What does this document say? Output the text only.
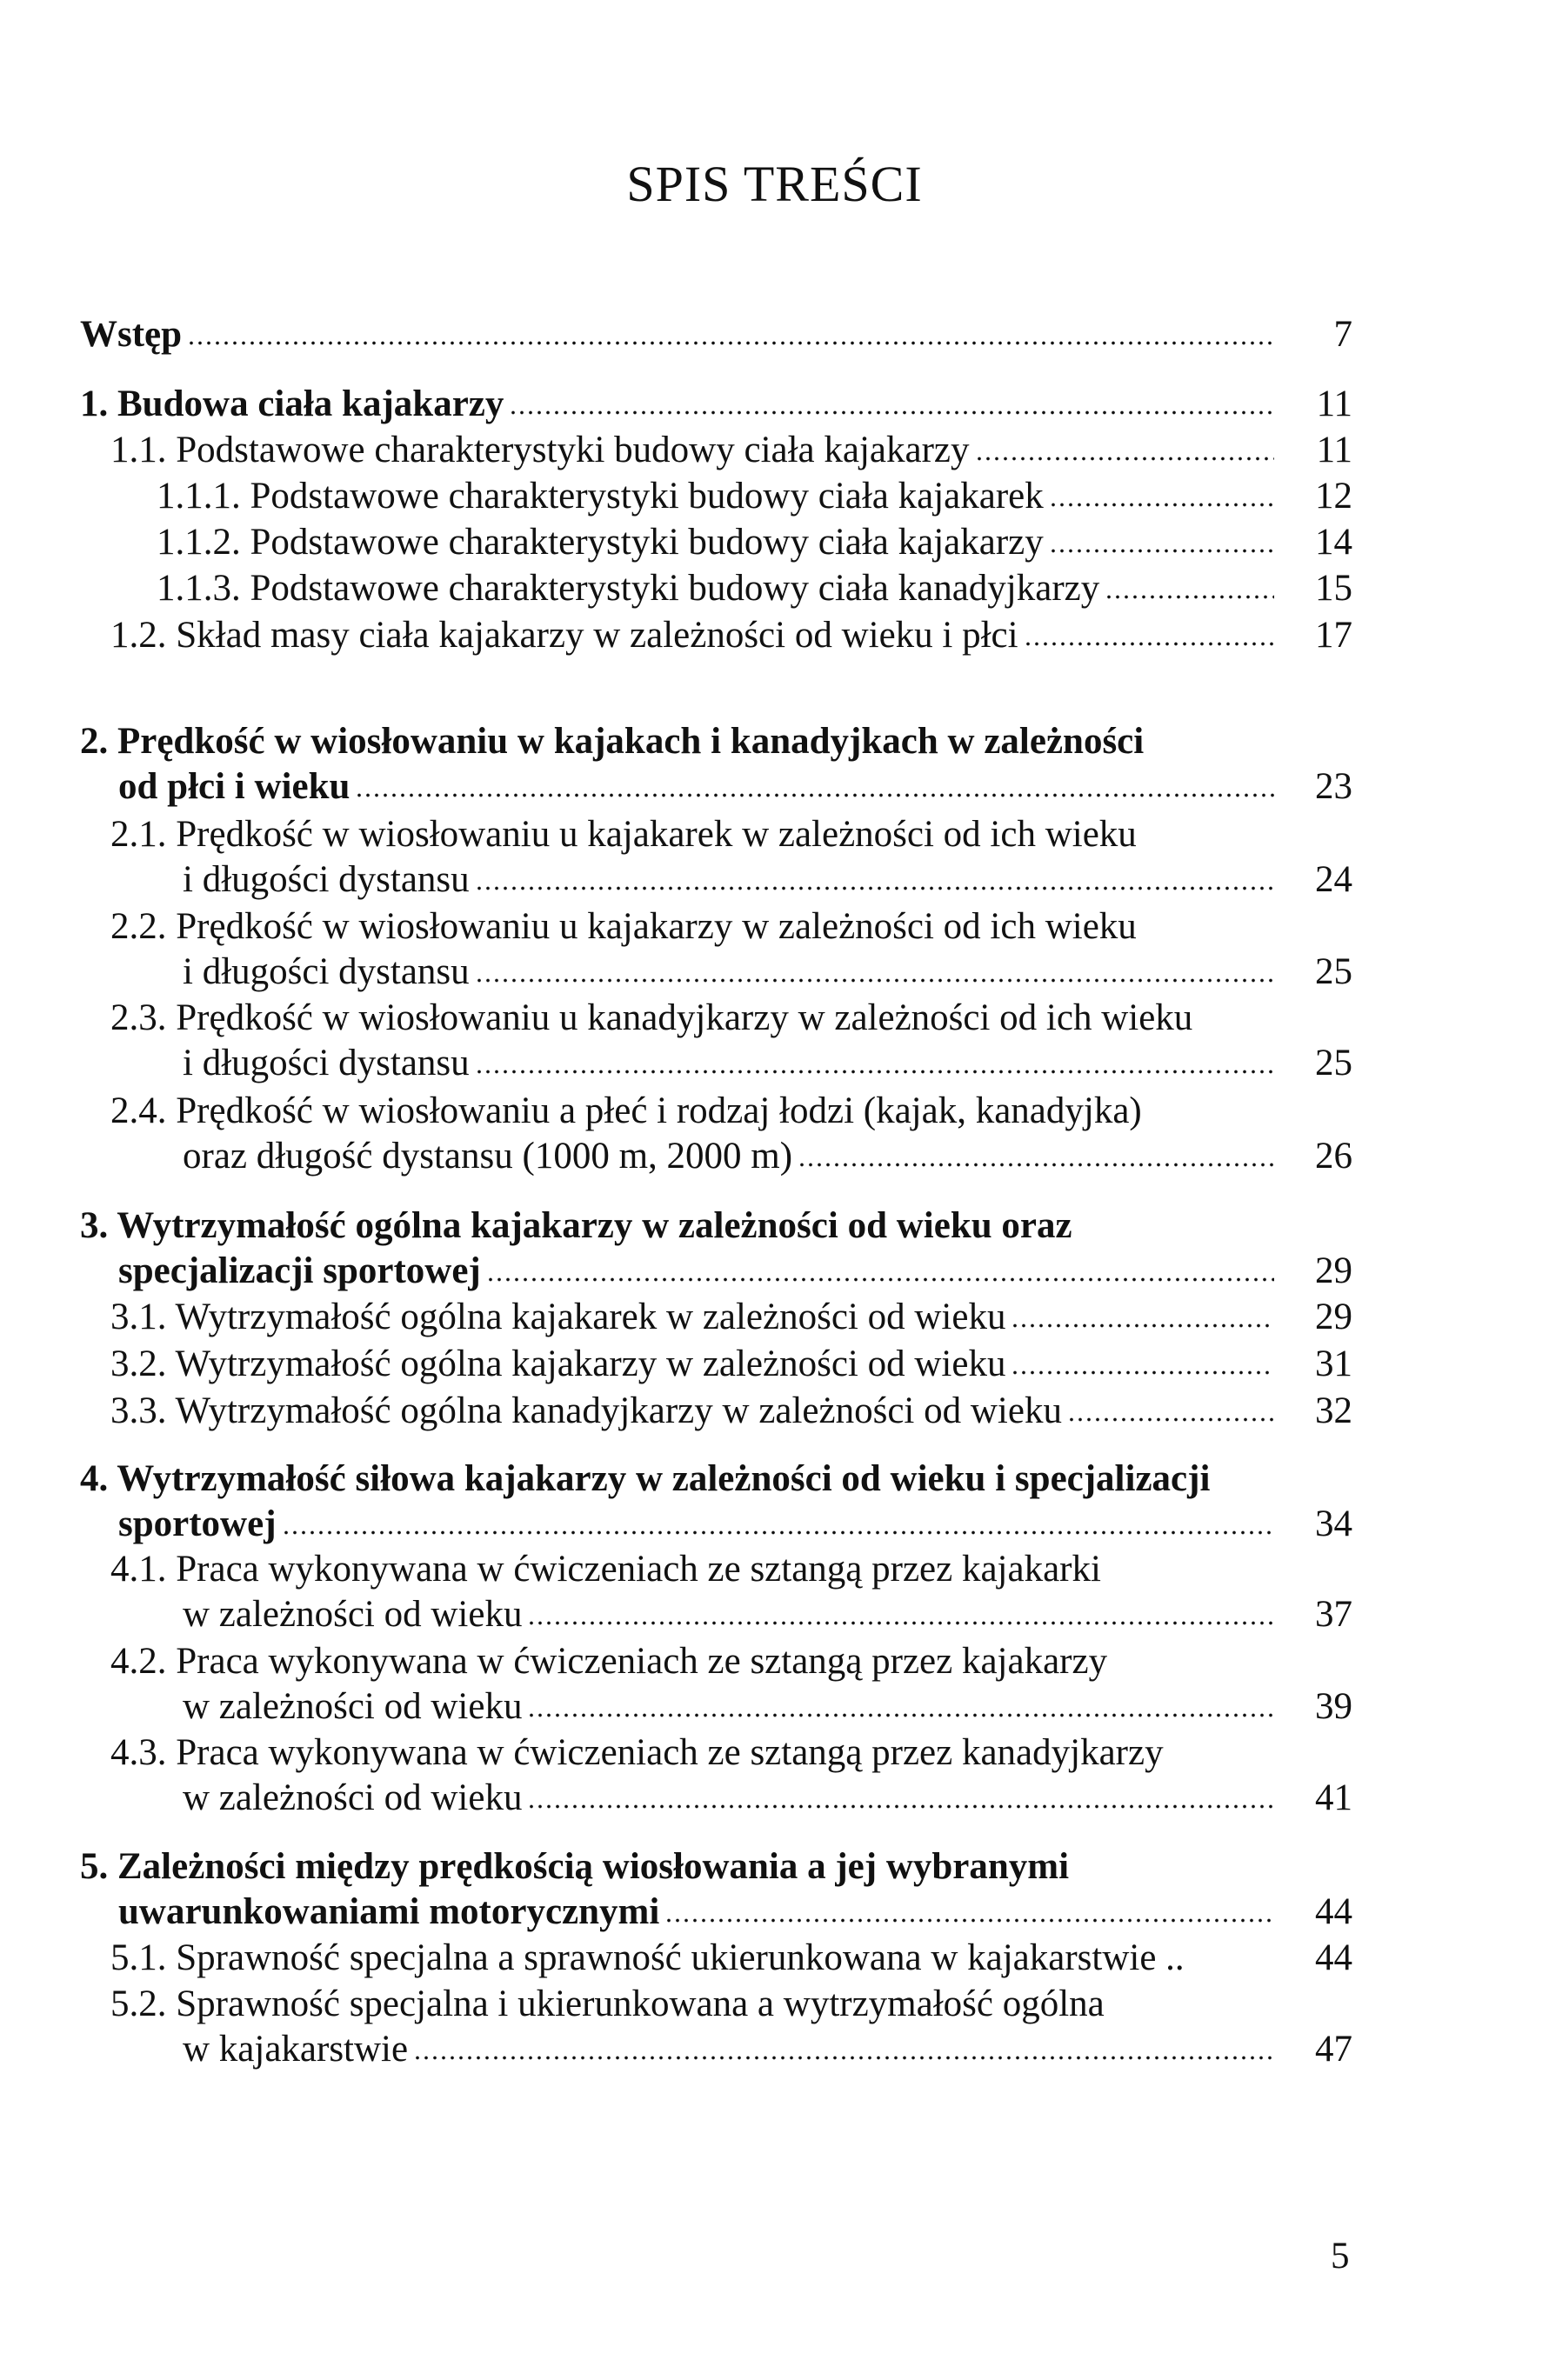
SPIS TREŚCI
Wstęp	7
1. Budowa ciała kajakarzy	11
1.1. Podstawowe charakterystyki budowy ciała kajakarzy	11
1.1.1. Podstawowe charakterystyki budowy ciała kajakarek	12
1.1.2. Podstawowe charakterystyki budowy ciała kajakarzy	14
1.1.3. Podstawowe charakterystyki budowy ciała kanadyjkarzy	15
1.2. Skład masy ciała kajakarzy w zależności od wieku i płci	17
2. Prędkość w wiosłowaniu w kajakach i kanadyjkach w zależności
od płci i wieku	23
2.1. Prędkość w wiosłowaniu u kajakarek w zależności od ich wieku
i długości dystansu	24
2.2. Prędkość w wiosłowaniu u kajakarzy w zależności od ich wieku
i długości dystansu	25
2.3. Prędkość w wiosłowaniu u kanadyjkarzy w zależności od ich wieku
i długości dystansu	25
2.4. Prędkość w wiosłowaniu a płeć i rodzaj łodzi (kajak, kanadyjka)
oraz długość dystansu (1000 m, 2000 m)	26
3. Wytrzymałość ogólna kajakarzy w zależności od wieku oraz
specjalizacji sportowej	29
3.1. Wytrzymałość ogólna kajakarek w zależności od wieku	29
3.2. Wytrzymałość ogólna kajakarzy w zależności od wieku	31
3.3. Wytrzymałość ogólna kanadyjkarzy w zależności od wieku	32
4. Wytrzymałość siłowa kajakarzy w zależności od wieku i specjalizacji
sportowej	34
4.1. Praca wykonywana w ćwiczeniach ze sztangą przez kajakarki
w zależności od wieku	37
4.2. Praca wykonywana w ćwiczeniach ze sztangą przez kajakarzy
w zależności od wieku	39
4.3. Praca wykonywana w ćwiczeniach ze sztangą przez kanadyjkarzy
w zależności od wieku	41
5. Zależności między prędkością wiosłowania a jej wybranymi
uwarunkowaniami motorycznymi	44
5.1. Sprawność specjalna a sprawność ukierunkowana w kajakarstwie ..	44
5.2. Sprawność specjalna i ukierunkowana a wytrzymałość ogólna
w kajakarstwie	47
5
